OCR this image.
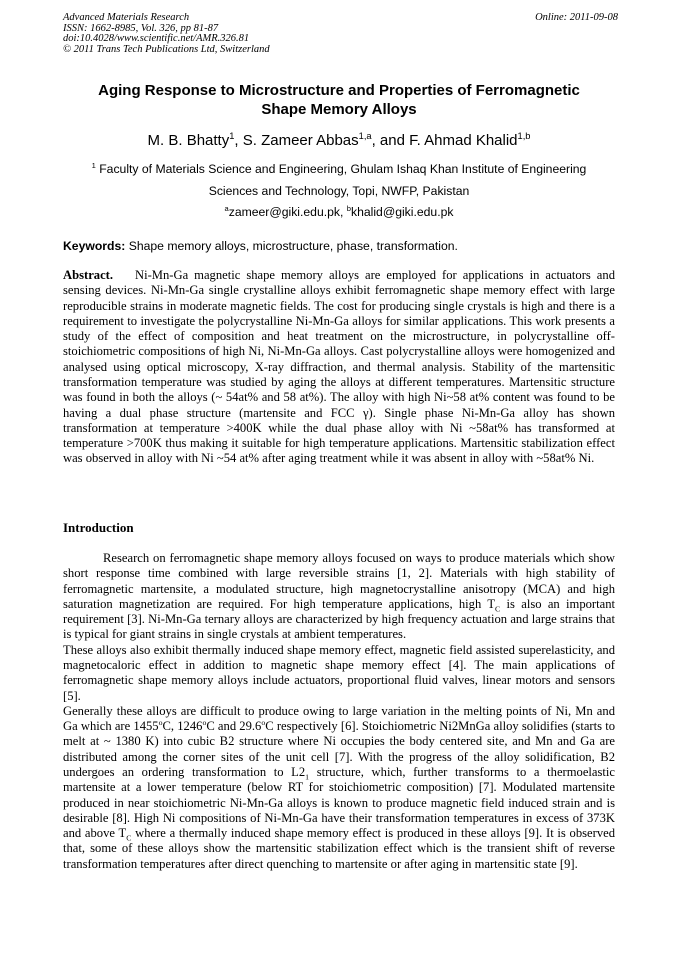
Advanced Materials Research
ISSN: 1662-8985, Vol. 326, pp 81-87
doi:10.4028/www.scientific.net/AMR.326.81
© 2011 Trans Tech Publications Ltd, Switzerland
Online: 2011-09-08
Aging Response to Microstructure and Properties of Ferromagnetic
Shape Memory Alloys
M. B. Bhatty$^1$, S. Zameer Abbas$^{1,a}$, and F. Ahmad Khalid$^{1,b}$
$^1$ Faculty of Materials Science and Engineering, Ghulam Ishaq Khan Institute of Engineering
Sciences and Technology, Topi, NWFP, Pakistan
$^a$zameer@giki.edu.pk, $^b$khalid@giki.edu.pk
Keywords: Shape memory alloys, microstructure, phase, transformation.
Abstract. Ni-Mn-Ga magnetic shape memory alloys are employed for applications in actuators and sensing devices. Ni-Mn-Ga single crystalline alloys exhibit ferromagnetic shape memory effect with large reproducible strains in moderate magnetic fields. The cost for producing single crystals is high and there is a requirement to investigate the polycrystalline Ni-Mn-Ga alloys for similar applications. This work presents a study of the effect of composition and heat treatment on the microstructure, in polycrystalline off-stoichiometric compositions of high Ni, Ni-Mn-Ga alloys. Cast polycrystalline alloys were homogenized and analysed using optical microscopy, X-ray diffraction, and thermal analysis. Stability of the martensitic transformation temperature was studied by aging the alloys at different temperatures. Martensitic structure was found in both the alloys (~ 54at% and 58 at%). The alloy with high Ni~58 at% content was found to be having a dual phase structure (martensite and FCC γ). Single phase Ni-Mn-Ga alloy has shown transformation at temperature >400K while the dual phase alloy with Ni ~58at% has transformed at temperature >700K thus making it suitable for high temperature applications. Martensitic stabilization effect was observed in alloy with Ni ~54 at% after aging treatment while it was absent in alloy with ~58at% Ni.
Introduction

Research on ferromagnetic shape memory alloys focused on ways to produce materials which show short response time combined with large reversible strains [1, 2]. Materials with high stability of ferromagnetic martensite, a modulated structure, high magnetocrystalline anisotropy (MCA) and high saturation magnetization are required. For high temperature applications, high $T_C$ is also an important requirement [3]. Ni-Mn-Ga ternary alloys are characterized by high frequency actuation and large strains that is typical for giant strains in single crystals at ambient temperatures.

These alloys also exhibit thermally induced shape memory effect, magnetic field assisted superelasticity, and magnetocaloric effect in addition to magnetic shape memory effect [4]. The main applications of ferromagnetic shape memory alloys include actuators, proportional fluid valves, linear motors and sensors [5].

Generally these alloys are difficult to produce owing to large variation in the melting points of Ni, Mn and Ga which are 1455$^o$C, 1246$^o$C and 29.6$^o$C respectively [6]. Stoichiometric Ni2MnGa alloy solidifies (starts to melt at ~ 1380 K) into cubic B2 structure where Ni occupies the body centered site, and Mn and Ga are distributed among the corner sites of the unit cell [7]. With the progress of the alloy solidification, B2 undergoes an ordering transformation to $L2_1$ structure, which, further transforms to a thermoelastic martensite at a lower temperature (below RT for stoichiometric composition) [7]. Modulated martensite produced in near stoichiometric Ni-Mn-Ga alloys is known to produce magnetic field induced strain and is desirable [8]. High Ni compositions of Ni-Mn-Ga have their transformation temperatures in excess of 373K and above $T_C$ where a thermally induced shape memory effect is produced in these alloys [9]. It is observed that, some of these alloys show the martensitic stabilization effect which is the transient shift of reverse transformation temperatures after direct quenching to martensite or after aging in martensitic state [9].
